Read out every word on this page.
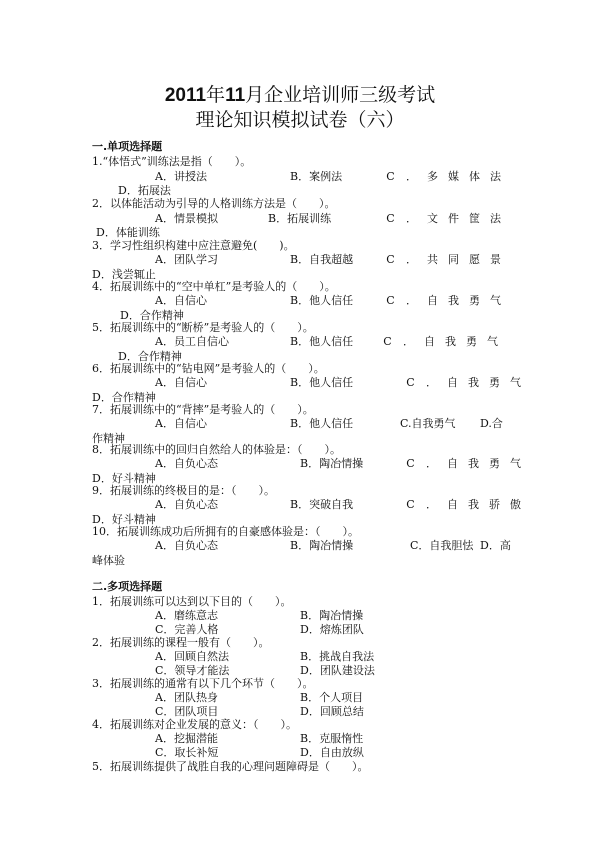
2011年11月企业培训师三级考试
理论知识模拟试卷（六）
一.单项选择题
1.“体悟式”训练法是指（　　）。
A．讲授法	B．案例法	C ． 多 媒 体 法
D．拓展法
2．以体能活动为引导的人格训练方法是（　　）。
A．情景模拟	B．拓展训练	C ． 文 件 筐 法
D．体能训练
3．学习性组织构建中应注意避免(　　)。
A．团队学习	B．自我超越	C ． 共 同 愿 景
D．浅尝辄止
4．拓展训练中的“空中单杠”是考验人的（　　）。
A．自信心	B．他人信任	C ． 自 我 勇 气
D．合作精神
5．拓展训练中的“断桥”是考验人的（　　）。
A．员工自信心	B．他人信任	C ． 自 我 勇 气
D．合作精神
6．拓展训练中的“钻电网”是考验人的（　　）。
A．自信心	B．他人信任	C ． 自 我 勇 气
D．合作精神
7．拓展训练中的“背摔”是考验人的（　　）。
A．自信心	B．他人信任	C.自我勇气 D.合
作精神
8．拓展训练中的回归自然给人的体验是：（　　）。
A．自负心态	B．陶冶情操	C ． 自 我 勇 气
D．好斗精神
9．拓展训练的终极目的是：（　　）。
A．自负心态	B．突破自我	C ． 自 我 骄 傲
D．好斗精神
10．拓展训练成功后所拥有的自豪感体验是：（　　）。
A．自负心态	B．陶冶情操	C．自我胆怯 D．高
峰体验
二.多项选择题
1．拓展训练可以达到以下目的（　　）。
A．磨练意志	B．陶冶情操
C．完善人格	D．熔炼团队
2．拓展训练的课程一般有（　　）。
A．回顾自然法	B．挑战自我法
C．领导才能法	D．团队建设法
3．拓展训练的通常有以下几个环节（　　）。
A．团队热身	B．个人项目
C．团队项目	D．回顾总结
4．拓展训练对企业发展的意义：（　　）。
A．挖掘潜能	B．克服惰性
C．取长补短	D．自由放纵
5．拓展训练提供了战胜自我的心理问题障碍是（　　）。
